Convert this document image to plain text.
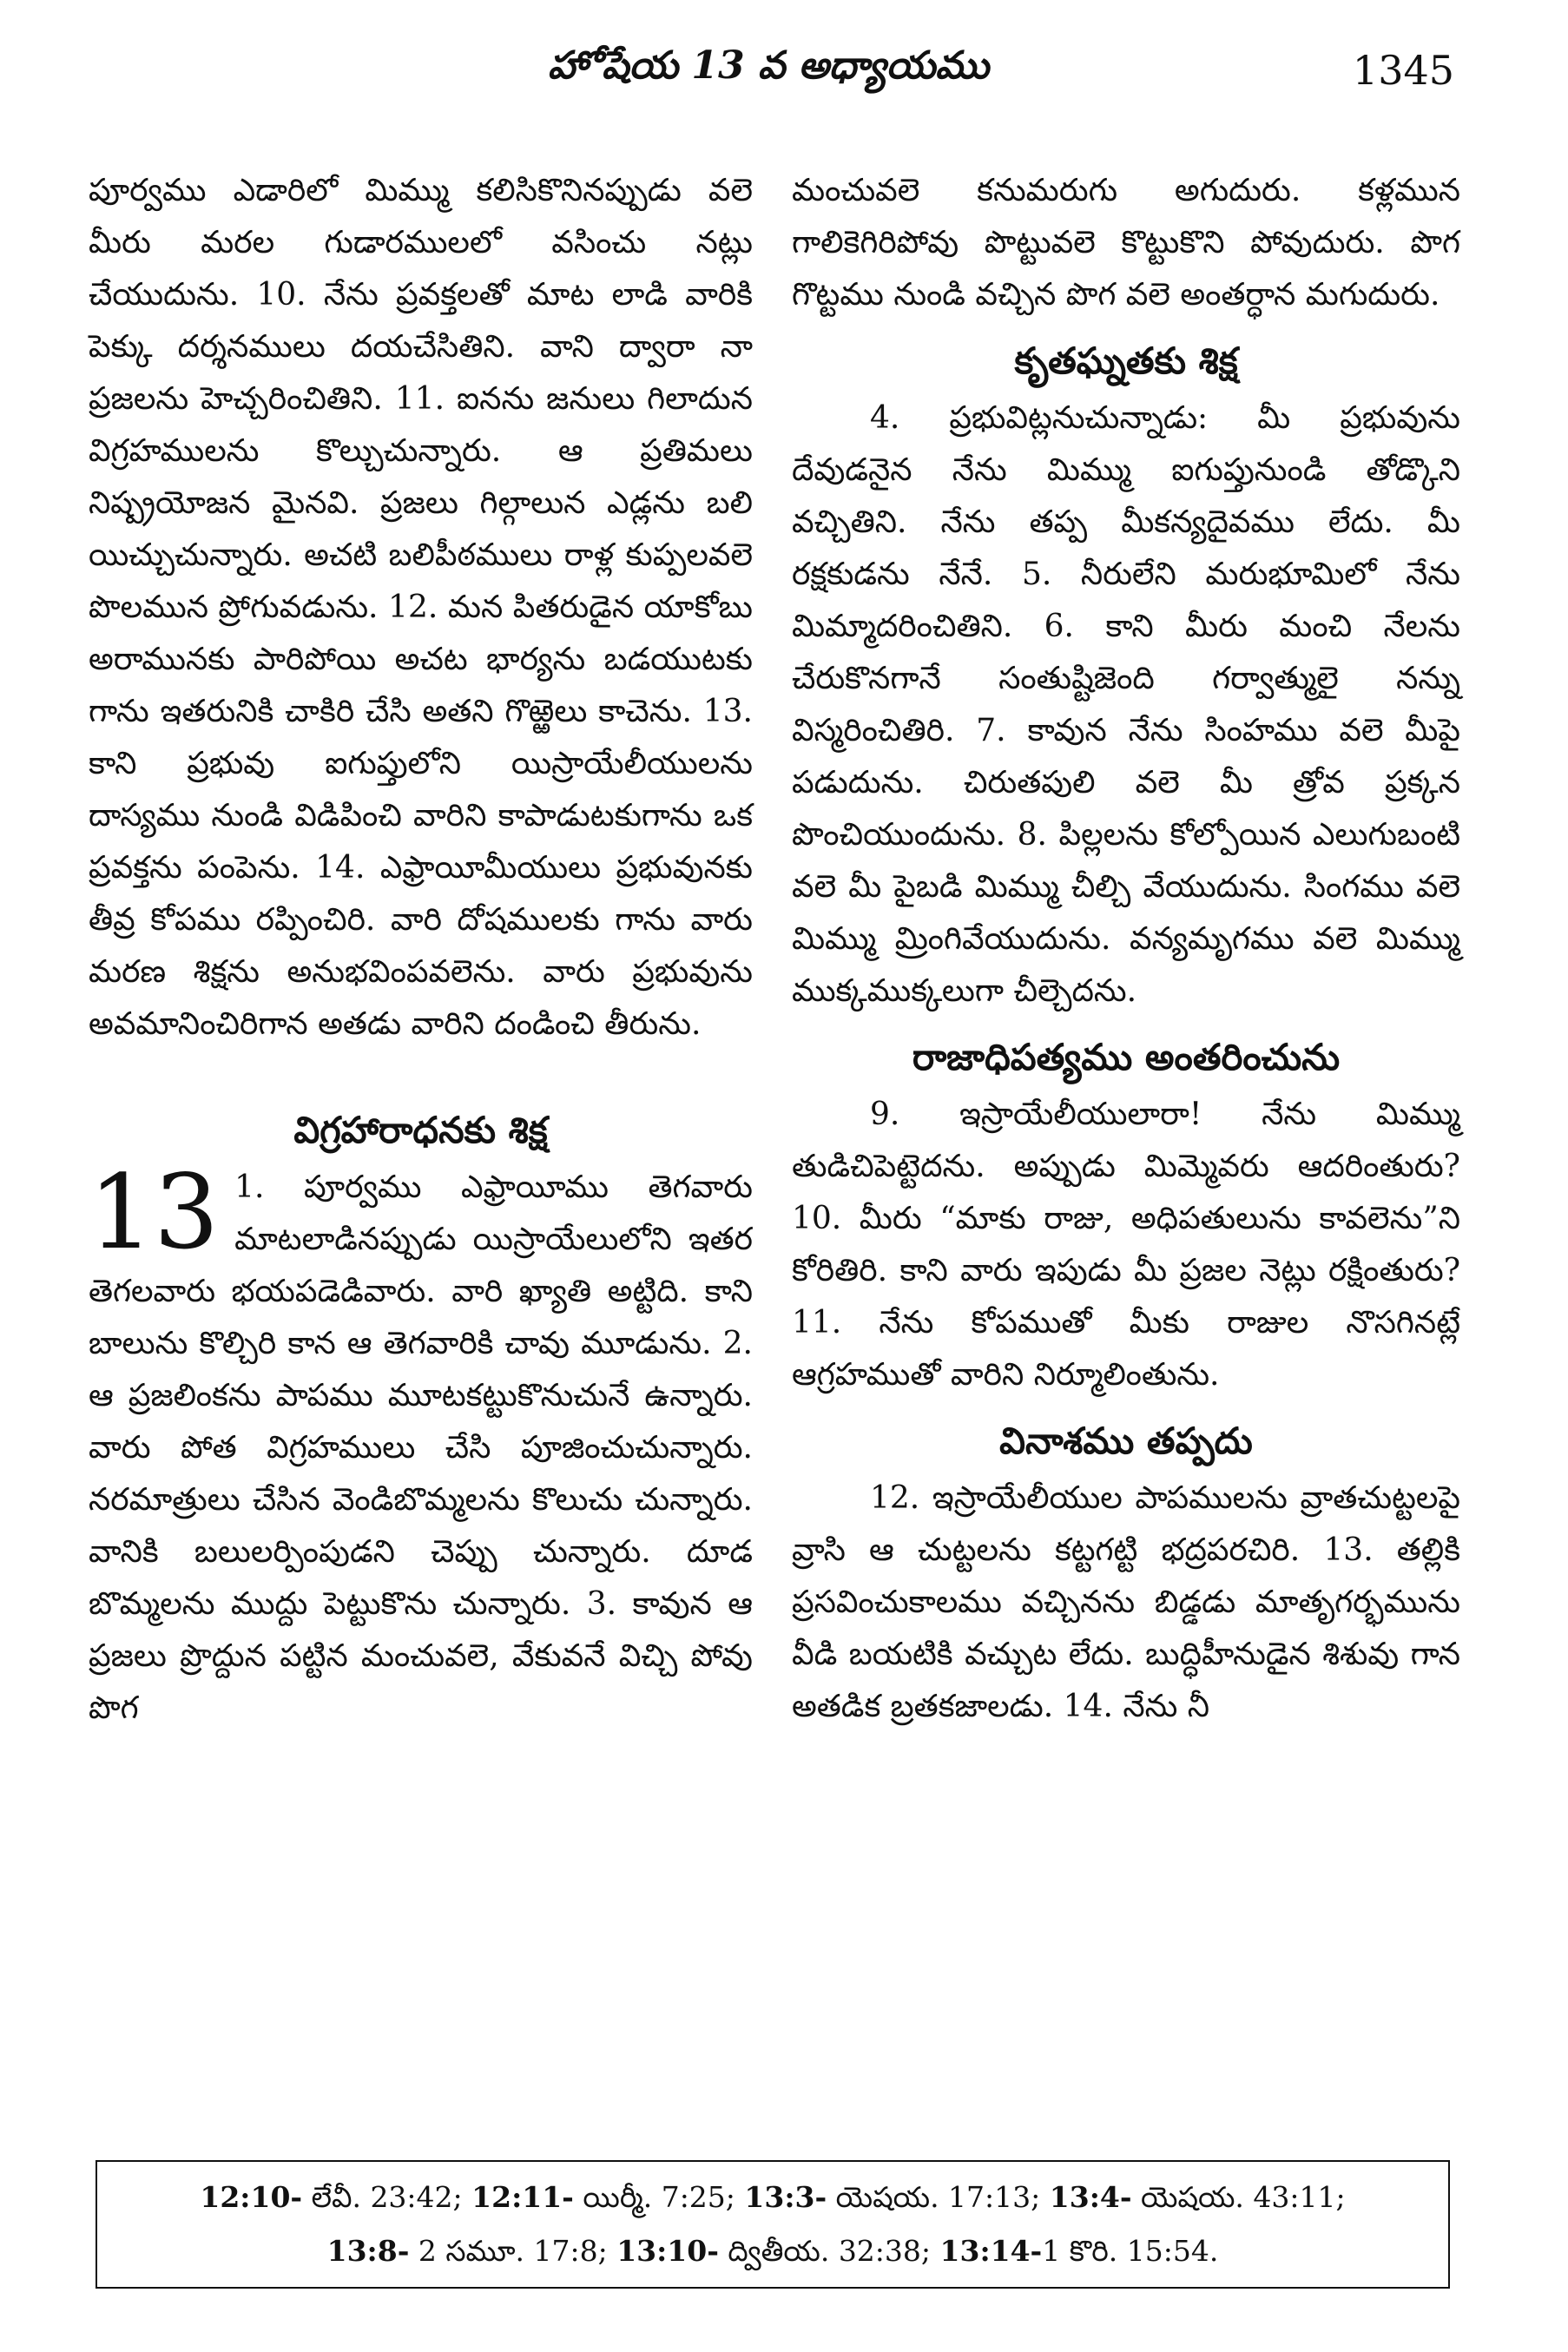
హోషేయ 13 వ అధ్యాయము	1345

పూర్వము ఎడారిలో మిమ్ము కలిసికొనినప్పుడు వలె మీరు మరల గుడారములలో వసించు నట్లు చేయుదును. 10. నేను ప్రవక్తలతో మాట లాడి వారికి పెక్కు దర్శనములు దయచేసితిని. వాని ద్వారా నా ప్రజలను హెచ్చరించితిని. 11. ఐనను జనులు గిలాదున విగ్రహములను కొల్చుచున్నారు. ఆ ప్రతిమలు నిష్ప్రయోజన మైనవి. ప్రజలు గిల్గాలున ఎడ్లను బలి యిచ్చుచున్నారు. అచటి బలిపీఠములు రాళ్ల కుప్పలవలె పొలమున ప్రోగువడును. 12. మన పితరుడైన యాకోబు అరామునకు పారిపోయి అచట భార్యను బడయుటకు గాను ఇతరునికి చాకిరి చేసి అతని గొఱ్ఱెలు కాచెను. 13. కాని ప్రభువు ఐగుప్తులోని యిస్రాయేలీయులను దాస్యము నుండి విడిపించి వారిని కాపాడుటకుగాను ఒక ప్రవక్తను పంపెను. 14. ఎఫ్రాయీమీయులు ప్రభువునకు తీవ్ర కోపము రప్పించిరి. వారి దోషములకు గాను వారు మరణ శిక్షను అనుభవింపవలెను. వారు ప్రభువును అవమానించిరిగాన అతడు వారిని దండించి తీరును.

విగ్రహారాధనకు శిక్ష
13 1. పూర్వము ఎఫ్రాయీము తెగవారు మాటలాడినప్పుడు యిస్రాయేలులోని ఇతర తెగలవారు భయపడెడివారు. వారి ఖ్యాతి అట్టిది. కాని బాలును కొల్చిరి కాన ఆ తెగవారికి చావు మూడును. 2. ఆ ప్రజలింకను పాపము మూటకట్టుకొనుచునే ఉన్నారు. వారు పోత విగ్రహములు చేసి పూజించుచున్నారు. నరమాత్రులు చేసిన వెండిబొమ్మలను కొలుచు చున్నారు. వానికి బలులర్పింపుడని చెప్పు చున్నారు. దూడ బొమ్మలను ముద్దు పెట్టుకొను చున్నారు. 3. కావున ఆ ప్రజలు ప్రొద్దున పట్టిన మంచువలె, వేకువనే విచ్చి పోవు పొగ

మంచువలె కనుమరుగు అగుదురు. కళ్లమున గాలికెగిరిపోవు పొట్టువలె కొట్టుకొని పోవుదురు. పొగ గొట్టము నుండి వచ్చిన పొగ వలె అంతర్ధాన మగుదురు.

కృతఘ్నతకు శిక్ష

4. ప్రభువిట్లనుచున్నాడు: మీ ప్రభువును దేవుడనైన నేను మిమ్ము ఐగుప్తునుండి తోడ్కొని వచ్చితిని. నేను తప్ప మీకన్యదైవము లేదు. మీ రక్షకుడను నేనే. 5. నీరులేని మరుభూమిలో నేను మిమ్మాదరించితిని. 6. కాని మీరు మంచి నేలను చేరుకొనగానే సంతుష్టిజెంది గర్వాత్ములై నన్ను విస్మరించితిరి. 7. కావున నేను సింహము వలె మీపై పడుదును. చిరుతపులి వలె మీ త్రోవ ప్రక్కన పొంచియుందును. 8. పిల్లలను కోల్పోయిన ఎలుగుబంటి వలె మీ పైబడి మిమ్ము చీల్చి వేయుదును. సింగము వలె మిమ్ము మ్రింగివేయుదును. వన్యమృగము వలె మిమ్ము ముక్కముక్కలుగా చీల్చెదను.

రాజాధిపత్యము అంతరించును

9. ఇస్రాయేలీయులారా! నేను మిమ్ము తుడిచిపెట్టెదను. అప్పుడు మిమ్మెవరు ఆదరింతురు? 10. మీరు “మాకు రాజు, అధిపతులును కావలెను”ని కోరితిరి. కాని వారు ఇపుడు మీ ప్రజల నెట్లు రక్షింతురు? 11. నేను కోపముతో మీకు రాజుల నొసగినట్లే ఆగ్రహముతో వారిని నిర్మూలింతును.

వినాశము తప్పదు

12. ఇస్రాయేలీయుల పాపములను వ్రాతచుట్టలపై వ్రాసి ఆ చుట్టలను కట్టగట్టి భద్రపరచిరి. 13. తల్లికి ప్రసవించుకాలము వచ్చినను బిడ్డడు మాతృగర్భమును వీడి బయటికి వచ్చుట లేదు. బుద్ధిహీనుడైన శిశువు గాన అతడిక బ్రతకజాలడు. 14. నేను నీ

12:10- లేవీ. 23:42; 12:11- యిర్మీ. 7:25; 13:3- యెషయ. 17:13; 13:4- యెషయ. 43:11;
13:8- 2 సమూ. 17:8; 13:10- ద్వితీయ. 32:38; 13:14-1 కొరి. 15:54.
